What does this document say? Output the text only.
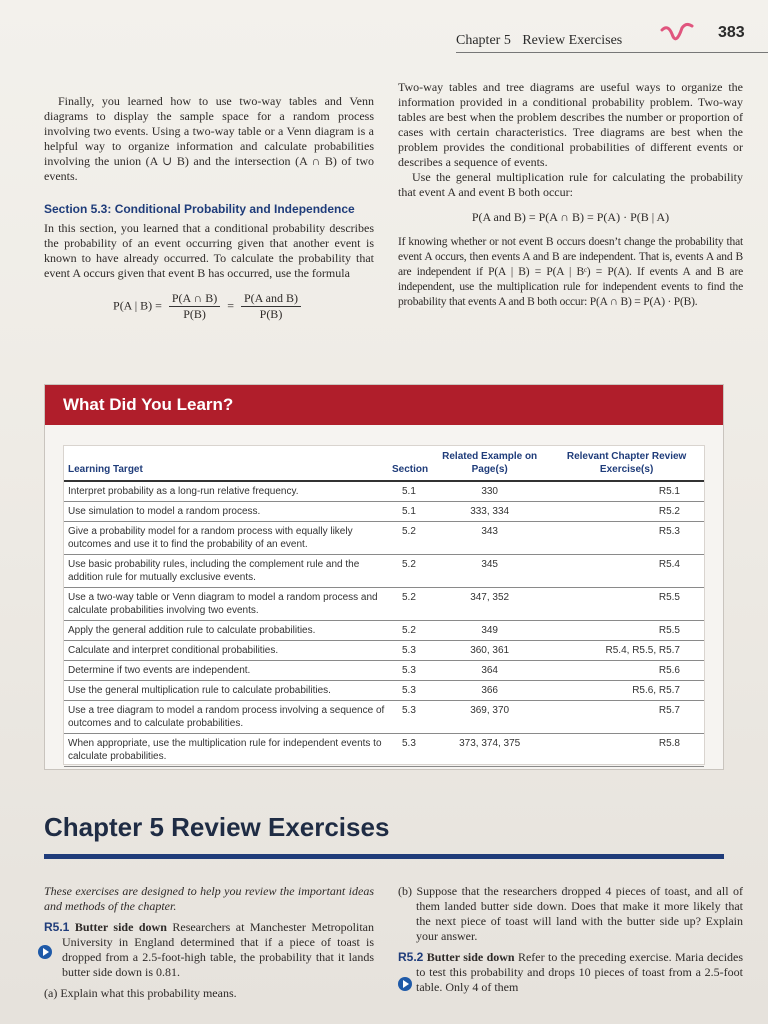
Chapter 5 Review Exercises	383

Finally, you learned how to use two-way tables and Venn diagrams to display the sample space for a random process involving two events. Using a two-way table or a Venn diagram is a helpful way to organize information and calculate probabilities involving the union (A ∪ B) and the intersection (A ∩ B) of two events.

Section 5.3: Conditional Probability and Independence

In this section, you learned that a conditional probability describes the probability of an event occurring given that another event is known to have already occurred. To calculate the probability that event A occurs given that event B has occurred, use the formula

P(A | $B) = \frac{P(A \cap B)}{P(B)} = \frac{\text{P(A and B)}}{P(B)}$

Two-way tables and tree diagrams are useful ways to organize the information provided in a conditional probability problem. Two-way tables are best when the problem describes the number or proportion of cases with certain characteristics. Tree diagrams are best when the problem provides the conditional probabilities of different events or describes a sequence of events.

Use the general multiplication rule for calculating the probability that event A and event B both occur:

P(A and B) = P(A ∩ B) = P(A) · P(B | A)

If knowing whether or not event B occurs doesn’t change the probability that event A occurs, then events A and B are independent. That is, events A and B are independent if P(A | B) = P(A | Bᶜ) = P(A). If events A and B are independent, use the multiplication rule for independent events to find the probability that events A and B both occur: P(A ∩ B) = P(A) · P(B).

What Did You Learn?
Learning Target	Section	Related Example on Page(s)	Relevant Chapter Review Exercise(s)
Interpret probability as a long-run relative frequency.	5.1	330	R5.1
Use simulation to model a random process.	5.1	333, 334	R5.2
Give a probability model for a random process with equally likely outcomes and use it to find the probability of an event.	5.2	343	R5.3
Use basic probability rules, including the complement rule and the addition rule for mutually exclusive events.	5.2	345	R5.4
Use a two-way table or Venn diagram to model a random process and calculate probabilities involving two events.	5.2	347, 352	R5.5
Apply the general addition rule to calculate probabilities.	5.2	349	R5.5
Calculate and interpret conditional probabilities.	5.3	360, 361	R5.4, R5.5, R5.7
Determine if two events are independent.	5.3	364	R5.6
Use the general multiplication rule to calculate probabilities.	5.3	366	R5.6, R5.7
Use a tree diagram to model a random process involving a sequence of outcomes and to calculate probabilities.	5.3	369, 370	R5.7
When appropriate, use the multiplication rule for independent events to calculate probabilities.	5.3	373, 374, 375	R5.8
Chapter 5 Review Exercises

These exercises are designed to help you review the important ideas and methods of the chapter.

R5.1 Butter side down Researchers at Manchester Metropolitan University in England determined that if a piece of toast is dropped from a 2.5-foot-high table, the probability that it lands butter side down is 0.81.

(a) Explain what this probability means.

(b) Suppose that the researchers dropped 4 pieces of toast, and all of them landed butter side down. Does that make it more likely that the next piece of toast will land with the butter side up? Explain your answer.

R5.2 Butter side down Refer to the preceding exercise. Maria decides to test this probability and drops 10 pieces of toast from a 2.5-foot table. Only 4 of them
